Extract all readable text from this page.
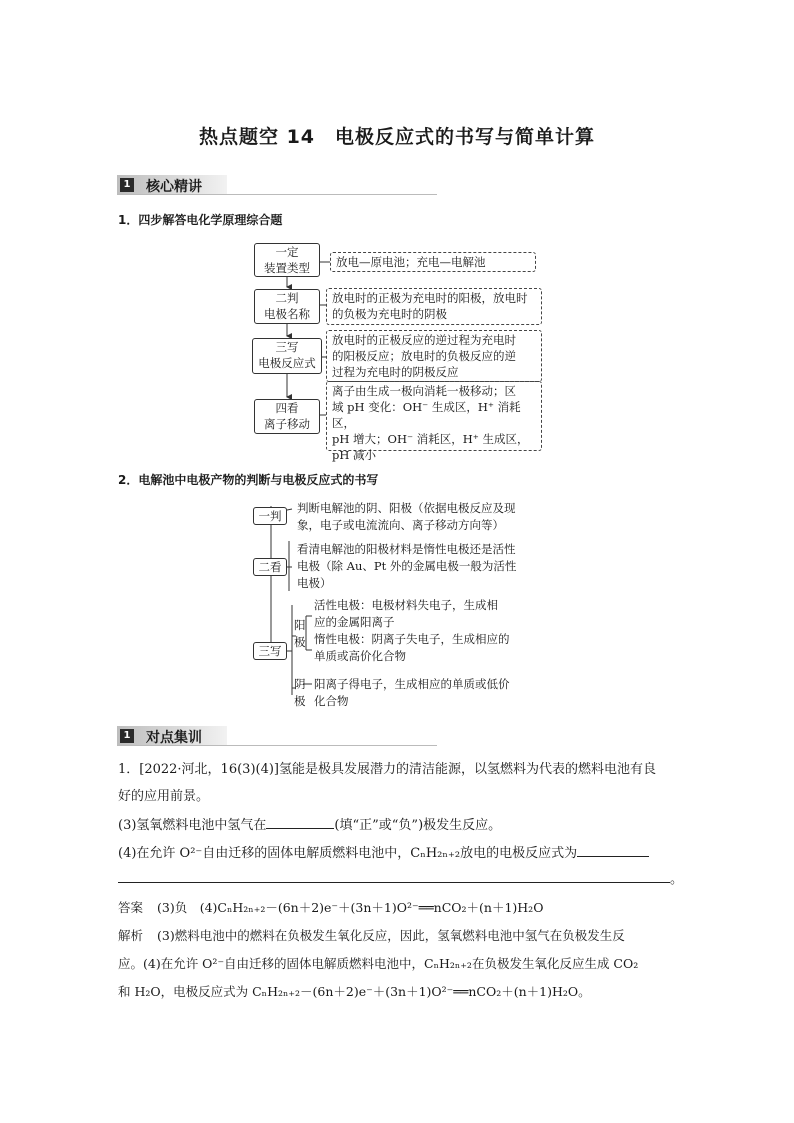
热点题空 14　电极反应式的书写与简单计算
1 核心精讲
1．四步解答电化学原理综合题
一定
装置类型	放电—原电池；充电—电解池
二判
电极名称
放电时的正极为充电时的阳极，放电时
的负极为充电时的阴极
三写
电极反应式
放电时的正极反应的逆过程为充电时
的阳极反应；放电时的负极反应的逆
过程为充电时的阴极反应
四看
离子移动
离子由生成一极向消耗一极移动；区
域 pH 变化：OH⁻ 生成区，H⁺ 消耗区，
pH 增大；OH⁻ 消耗区，H⁺ 生成区，
pH 减小
2．电解池中电极产物的判断与电极反应式的书写
一判
判断电解池的阴、阳极（依据电极反应及现
象，电子或电流流向、离子移动方向等）
二看
看清电解池的阳极材料是惰性电极还是活性
电极（除 Au、Pt 外的金属电极一般为活性
电极）
三写
阳
极
活性电极：电极材料失电子，生成相
应的金属阳离子
惰性电极：阴离子失电子，生成相应的
单质或高价化合物
阴
极
阳离子得电子，生成相应的单质或低价
化合物
1 对点集训
1．[2022·河北，16(3)(4)]氢能是极具发展潜力的清洁能源，以氢燃料为代表的燃料电池有良
好的应用前景。
(3)氢氧燃料电池中氢气在	(填“正”或“负”)极发生反应。
(4)在允许 O²⁻自由迁移的固体电解质燃料电池中，CₙH₂ₙ₊₂放电的电极反应式为
。
答案 (3)负　(4)CₙH₂ₙ₊₂－(6n＋2)e⁻＋(3n＋1)O²⁻══nCO₂＋(n＋1)H₂O
解析 (3)燃料电池中的燃料在负极发生氧化反应，因此，氢氧燃料电池中氢气在负极发生反
应。(4)在允许 O²⁻自由迁移的固体电解质燃料电池中，CₙH₂ₙ₊₂在负极发生氧化反应生成 CO₂
和 H₂O，电极反应式为 CₙH₂ₙ₊₂－(6n＋2)e⁻＋(3n＋1)O²⁻══nCO₂＋(n＋1)H₂O。
